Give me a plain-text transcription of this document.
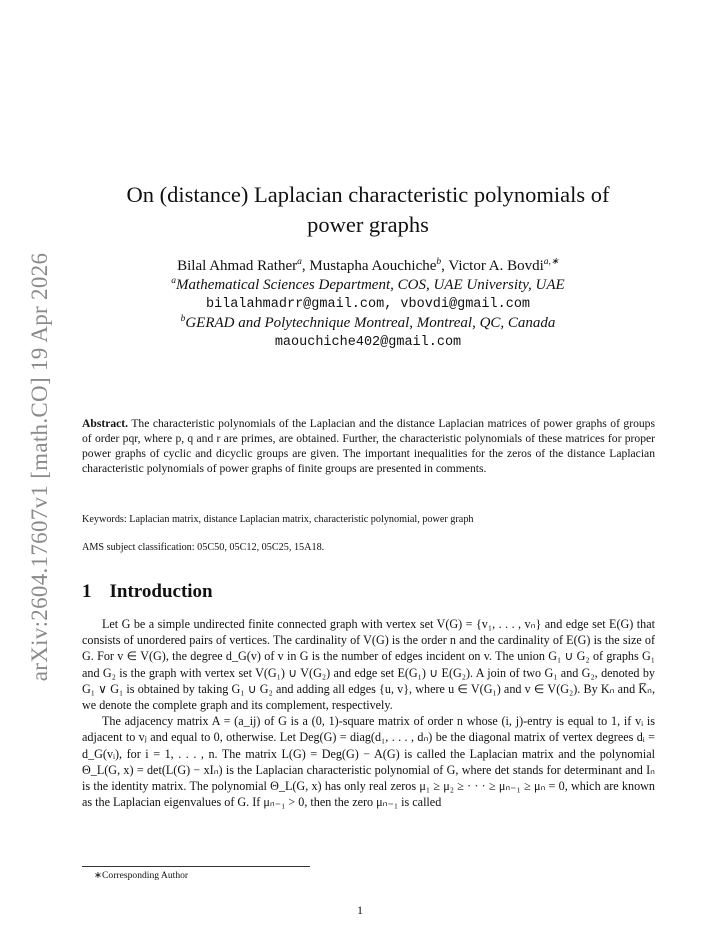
arXiv:2604.17607v1 [math.CO] 19 Apr 2026
On (distance) Laplacian characteristic polynomials of
power graphs
Bilal Ahmad Rather$^a$, Mustapha Aouchiche$^b$, Victor A. Bovdi$^{a,∗}$
$^a$Mathematical Sciences Department, COS, UAE University, UAE
bilalahmadrr@gmail.com, vbovdi@gmail.com
$^b$GERAD and Polytechnique Montreal, Montreal, QC, Canada
maouchiche402@gmail.com
Abstract. The characteristic polynomials of the Laplacian and the distance Laplacian matrices of power graphs of groups of order pqr, where p, q and r are primes, are obtained. Further, the characteristic polynomials of these matrices for proper power graphs of cyclic and dicyclic groups are given. The important inequalities for the zeros of the distance Laplacian characteristic polynomials of power graphs of finite groups are presented in comments.
Keywords: Laplacian matrix, distance Laplacian matrix, characteristic polynomial, power graph
AMS subject classification: 05C50, 05C12, 05C25, 15A18.
1 Introduction

Let G be a simple undirected finite connected graph with vertex set V(G) = {v₁, . . . , vₙ} and edge set E(G) that consists of unordered pairs of vertices. The cardinality of V(G) is the order n and the cardinality of E(G) is the size of G. For v ∈ V(G), the degree d_G(v) of v in G is the number of edges incident on v. The union G₁ ∪ G₂ of graphs G₁ and G₂ is the graph with vertex set V(G₁) ∪ V(G₂) and edge set E(G₁) ∪ E(G₂). A join of two G₁ and G₂, denoted by G₁ ∨ G₁ is obtained by taking G₁ ∪ G₂ and adding all edges {u, v}, where u ∈ V(G₁) and v ∈ V(G₂). By Kₙ and K̅ₙ, we denote the complete graph and its complement, respectively.

The adjacency matrix A = (a_ij) of G is a (0, 1)-square matrix of order n whose (i, j)-entry is equal to 1, if vᵢ is adjacent to vⱼ and equal to 0, otherwise. Let Deg(G) = diag(d₁, . . . , dₙ) be the diagonal matrix of vertex degrees dᵢ = d_G(vᵢ), for i = 1, . . . , n. The matrix L(G) = Deg(G) − A(G) is called the Laplacian matrix and the polynomial Θ_L(G, x) = det(L(G) − xIₙ) is the Laplacian characteristic polynomial of G, where det stands for determinant and Iₙ is the identity matrix. The polynomial Θ_L(G, x) has only real zeros μ₁ ≥ μ₂ ≥ · · · ≥ μₙ₋₁ ≥ μₙ = 0, which are known as the Laplacian eigenvalues of G. If μₙ₋₁ > 0, then the zero μₙ₋₁ is called

∗Corresponding Author
1
